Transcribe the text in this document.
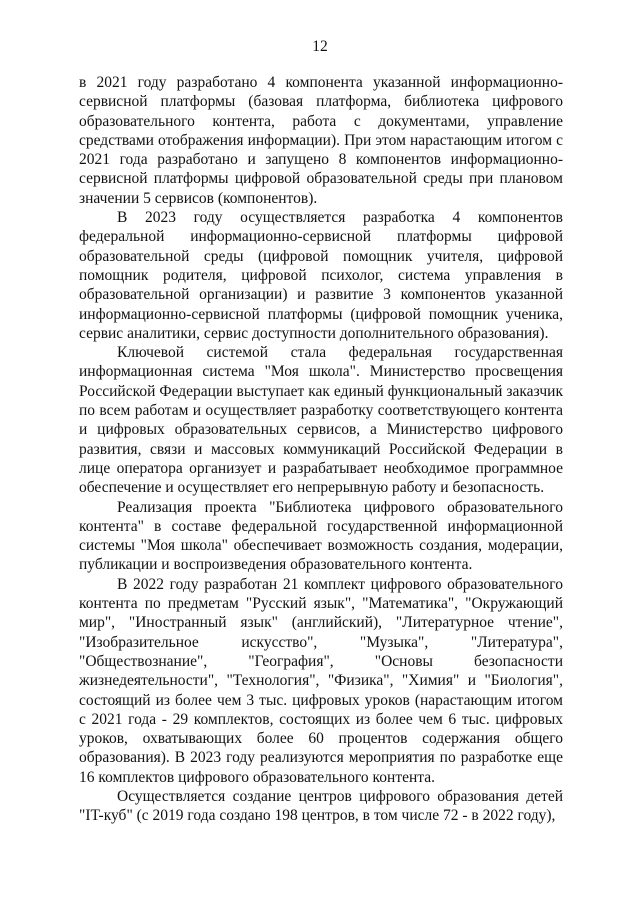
12

в 2021 году разработано 4 компонента указанной информационно-сервисной платформы (базовая платформа, библиотека цифрового образовательного контента, работа с документами, управление средствами отображения информации). При этом нарастающим итогом с 2021 года разработано и запущено 8 компонентов информационно-сервисной платформы цифровой образовательной среды при плановом значении 5 сервисов (компонентов).

В 2023 году осуществляется разработка 4 компонентов федеральной информационно-сервисной платформы цифровой образовательной среды (цифровой помощник учителя, цифровой помощник родителя, цифровой психолог, система управления в образовательной организации) и развитие 3 компонентов указанной информационно-сервисной платформы (цифровой помощник ученика, сервис аналитики, сервис доступности дополнительного образования).

Ключевой системой стала федеральная государственная информационная система "Моя школа". Министерство просвещения Российской Федерации выступает как единый функциональный заказчик по всем работам и осуществляет разработку соответствующего контента и цифровых образовательных сервисов, а Министерство цифрового развития, связи и массовых коммуникаций Российской Федерации в лице оператора организует и разрабатывает необходимое программное обеспечение и осуществляет его непрерывную работу и безопасность.

Реализация проекта "Библиотека цифрового образовательного контента" в составе федеральной государственной информационной системы "Моя школа" обеспечивает возможность создания, модерации, публикации и воспроизведения образовательного контента.

В 2022 году разработан 21 комплект цифрового образовательного контента по предметам "Русский язык", "Математика", "Окружающий мир", "Иностранный язык" (английский), "Литературное чтение", "Изобразительное искусство", "Музыка", "Литература", "Обществознание", "География", "Основы безопасности жизнедеятельности", "Технология", "Физика", "Химия" и "Биология", состоящий из более чем 3 тыс. цифровых уроков (нарастающим итогом с 2021 года - 29 комплектов, состоящих из более чем 6 тыс. цифровых уроков, охватывающих более 60 процентов содержания общего образования). В 2023 году реализуются мероприятия по разработке еще 16 комплектов цифрового образовательного контента.

Осуществляется создание центров цифрового образования детей "IT-куб" (с 2019 года создано 198 центров, в том числе 72 - в 2022 году),
